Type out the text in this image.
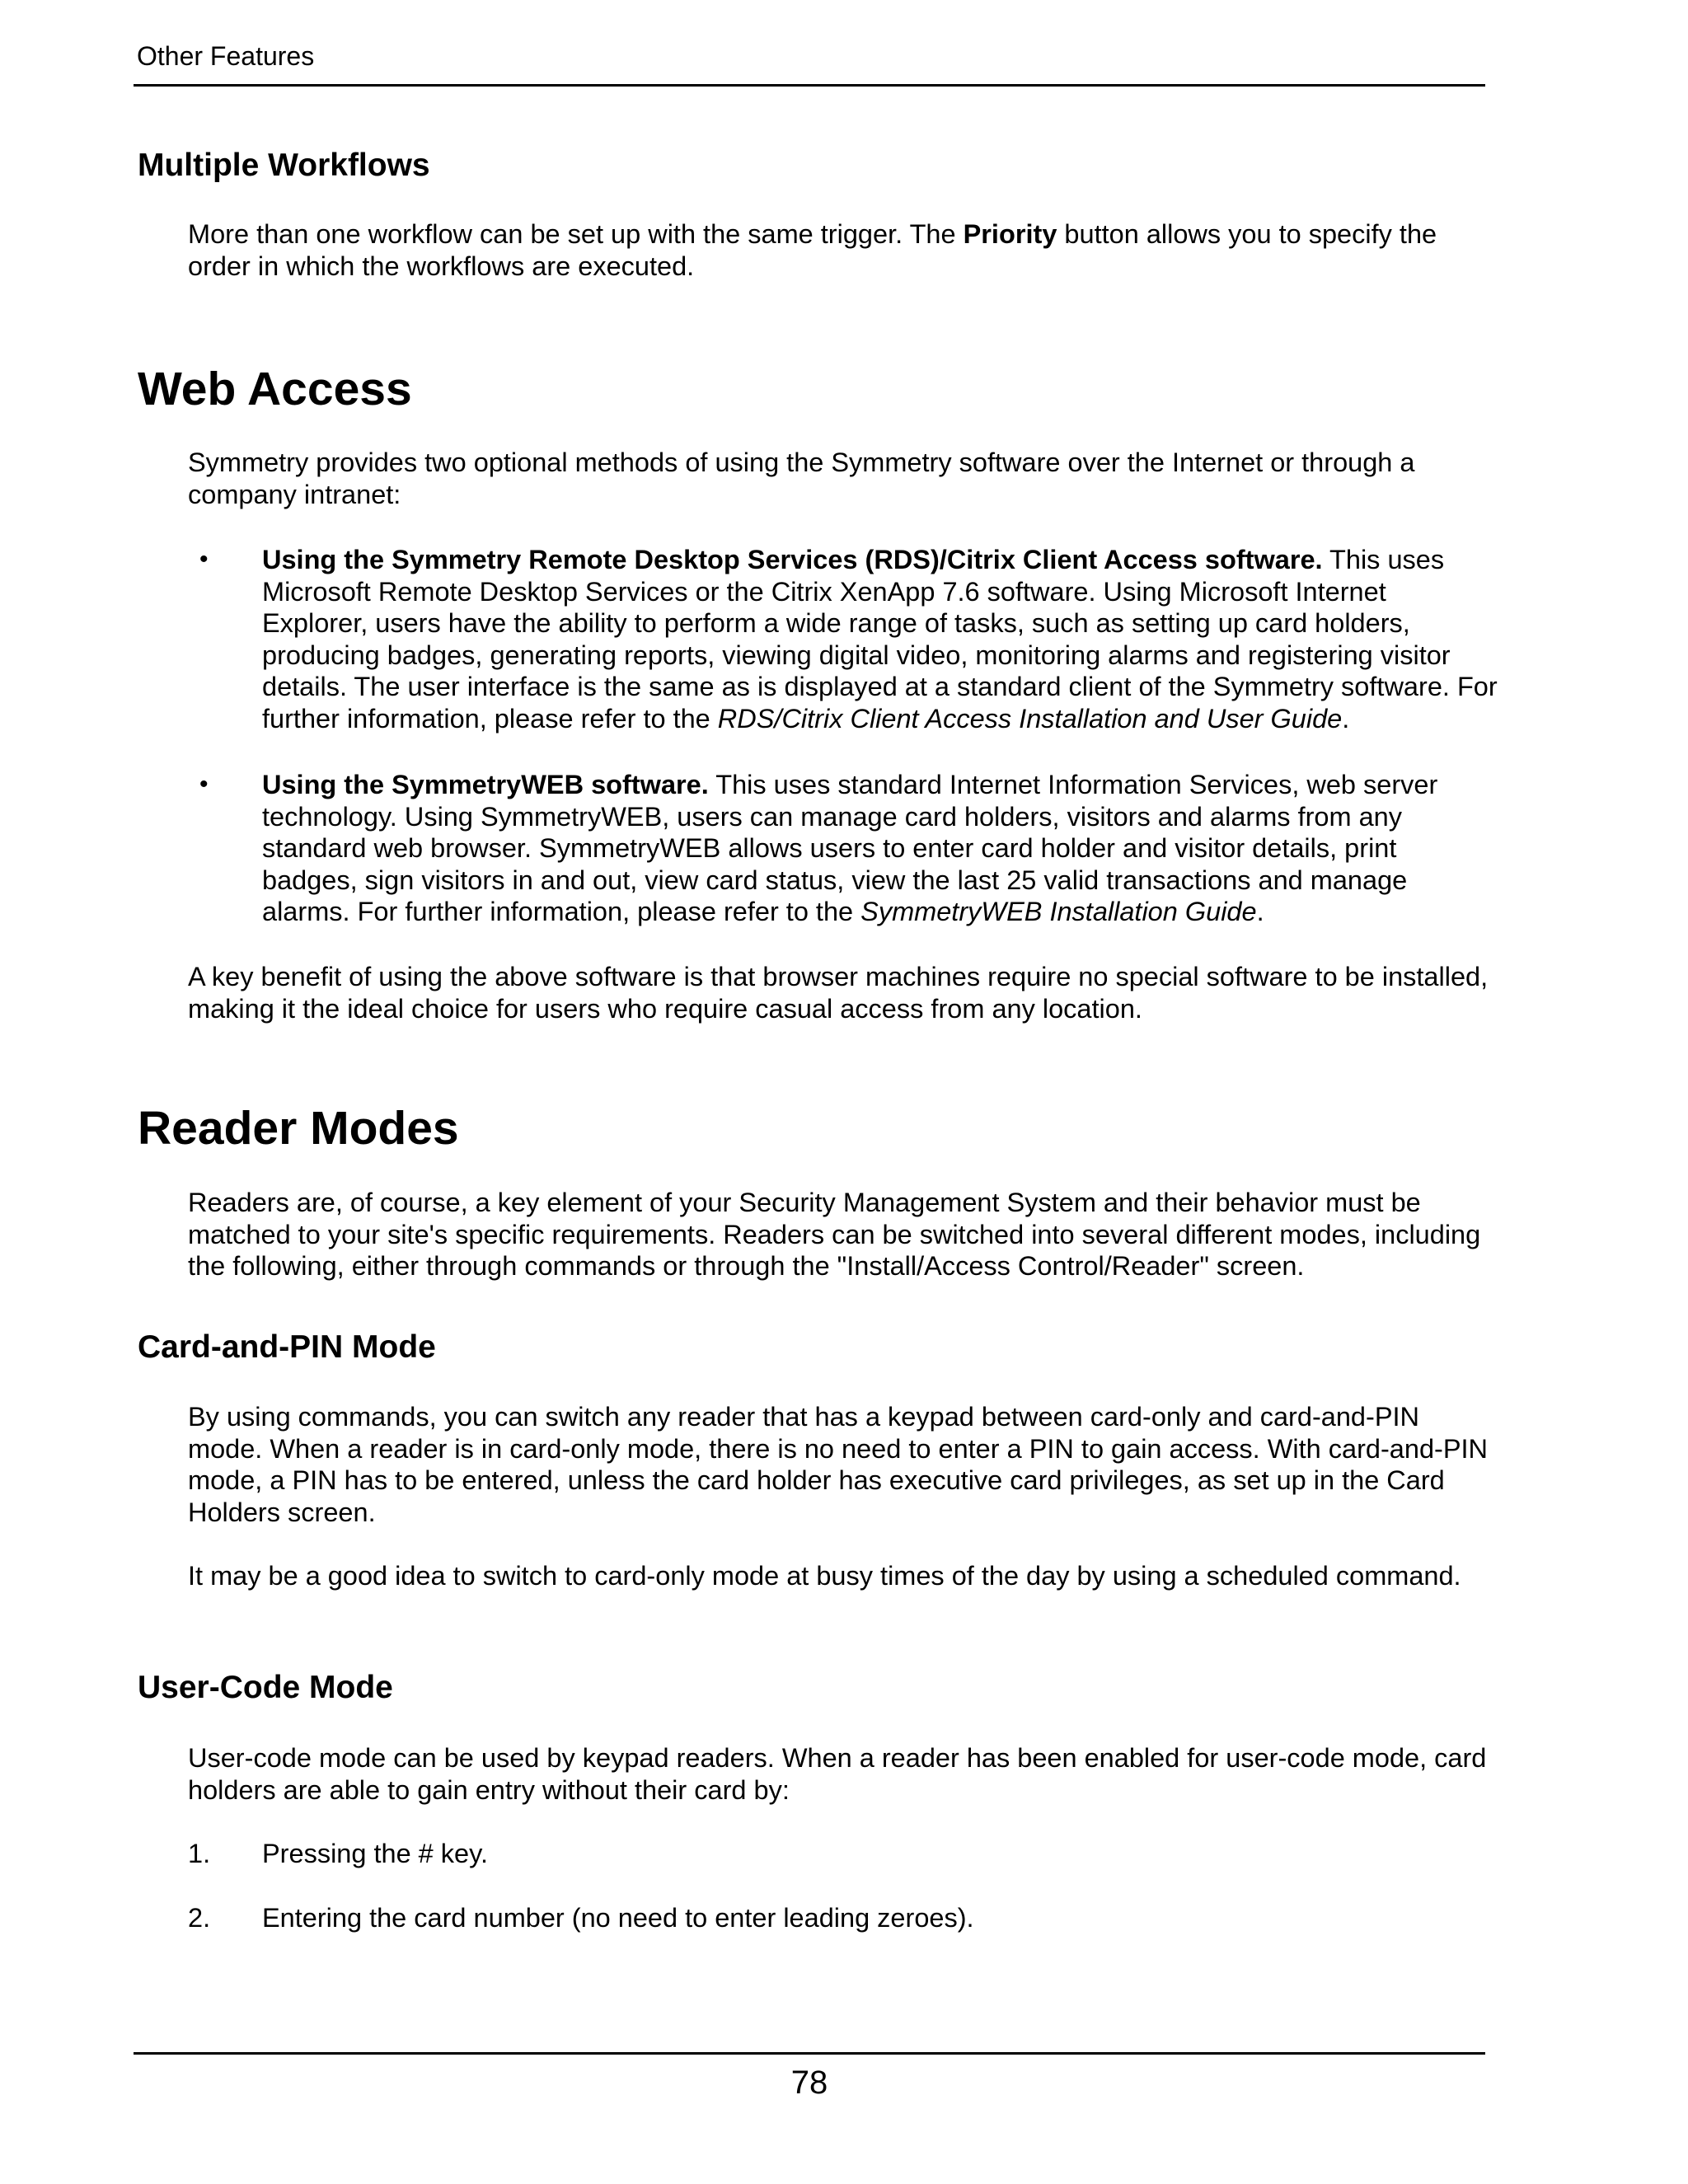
Other Features
Multiple Workflows
More than one workflow can be set up with the same trigger. The Priority button allows you to specify the order in which the workflows are executed.
Web Access
Symmetry provides two optional methods of using the Symmetry software over the Internet or through a company intranet:
• Using the Symmetry Remote Desktop Services (RDS)/Citrix Client Access software. This uses Microsoft Remote Desktop Services or the Citrix XenApp 7.6 software. Using Microsoft Internet Explorer, users have the ability to perform a wide range of tasks, such as setting up card holders, producing badges, generating reports, viewing digital video, monitoring alarms and registering visitor details. The user interface is the same as is displayed at a standard client of the Symmetry software. For further information, please refer to the RDS/Citrix Client Access Installation and User Guide.
• Using the SymmetryWEB software. This uses standard Internet Information Services, web server technology. Using SymmetryWEB, users can manage card holders, visitors and alarms from any standard web browser. SymmetryWEB allows users to enter card holder and visitor details, print badges, sign visitors in and out, view card status, view the last 25 valid transactions and manage alarms. For further information, please refer to the SymmetryWEB Installation Guide.
A key benefit of using the above software is that browser machines require no special software to be installed, making it the ideal choice for users who require casual access from any location.
Reader Modes
Readers are, of course, a key element of your Security Management System and their behavior must be matched to your site's specific requirements. Readers can be switched into several different modes, including the following, either through commands or through the "Install/Access Control/Reader" screen.
Card-and-PIN Mode
By using commands, you can switch any reader that has a keypad between card-only and card-and-PIN mode. When a reader is in card-only mode, there is no need to enter a PIN to gain access. With card-and-PIN mode, a PIN has to be entered, unless the card holder has executive card privileges, as set up in the Card Holders screen.
It may be a good idea to switch to card-only mode at busy times of the day by using a scheduled command.
User-Code Mode
User-code mode can be used by keypad readers. When a reader has been enabled for user-code mode, card holders are able to gain entry without their card by:
1. Pressing the # key.
2. Entering the card number (no need to enter leading zeroes).
78
